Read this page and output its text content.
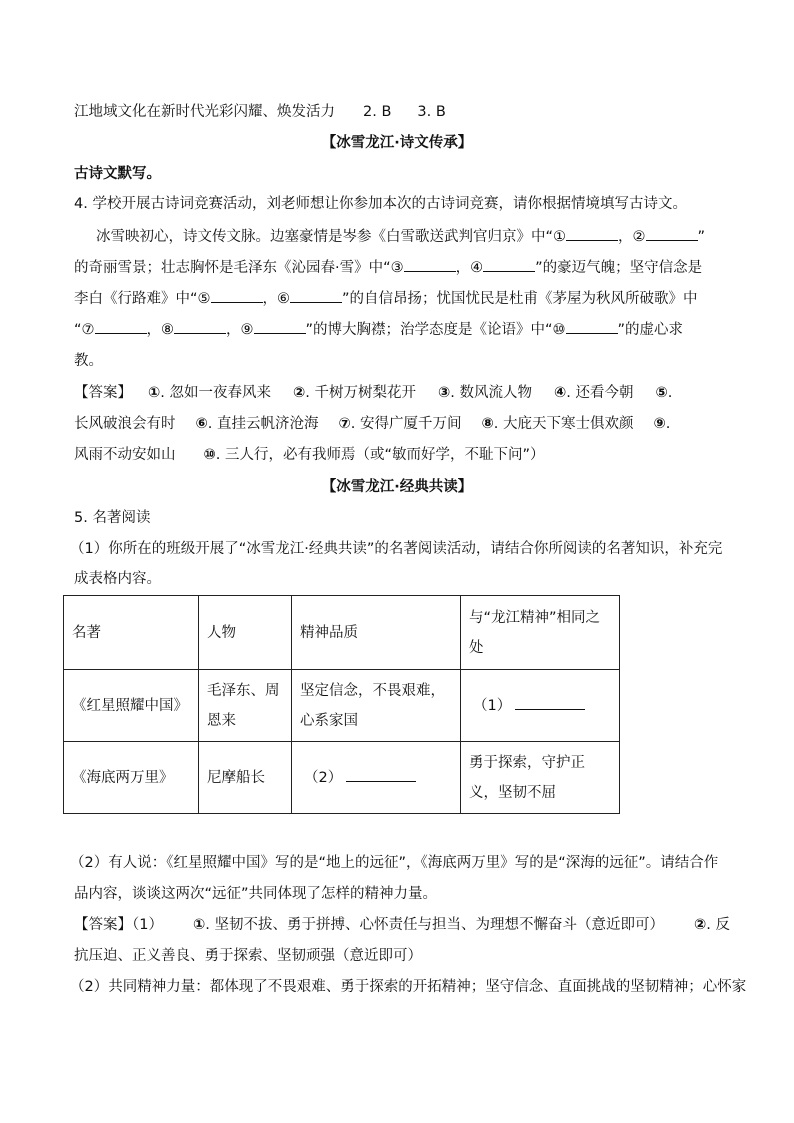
江地域文化在新时代光彩闪耀、焕发活力 2. B 3. B
【冰雪龙江·诗文传承】
古诗文默写。
4. 学校开展古诗词竞赛活动，刘老师想让你参加本次的古诗词竞赛，请你根据情境填写古诗文。
冰雪映初心，诗文传文脉。边塞豪情是岑参《白雪歌送武判官归京》中“①	，②	”
的奇丽雪景；壮志胸怀是毛泽东《沁园春·雪》中“③	，④	”的豪迈气魄；坚守信念是
李白《行路难》中“⑤	，⑥	”的自信昂扬；忧国忧民是杜甫《茅屋为秋风所破歌》中
“⑦	，⑧	，⑨	”的博大胸襟；治学态度是《论语》中“⑩	”的虚心求
教。
【答案】 ①. 忽如一夜春风来 ②. 千树万树梨花开 ③. 数风流人物 ④. 还看今朝 ⑤.
长风破浪会有时 ⑥. 直挂云帆济沧海 ⑦. 安得广厦千万间 ⑧. 大庇天下寒士俱欢颜 ⑨.
风雨不动安如山 ⑩. 三人行，必有我师焉（或“敏而好学，不耻下问”）
【冰雪龙江·经典共读】
5. 名著阅读
（1）你所在的班级开展了“冰雪龙江·经典共读”的名著阅读活动，请结合你所阅读的名著知识，补充完
成表格内容。
名著	人物	精神品质	与“龙江精神”相同之处
《红星照耀中国》	毛泽东、周恩来	坚定信念，不畏艰难，心系家国	（1）
《海底两万里》	尼摩船长	（2）	勇于探索，守护正义，坚韧不屈
（2）有人说：《红星照耀中国》写的是“地上的远征”，《海底两万里》写的是“深海的远征”。请结合作
品内容，谈谈这两次“远征”共同体现了怎样的精神力量。
【答案】（1） ①. 坚韧不拔、勇于拼搏、心怀责任与担当、为理想不懈奋斗（意近即可） ②. 反
抗压迫、正义善良、勇于探索、坚韧顽强（意近即可）
（2）共同精神力量：都体现了不畏艰难、勇于探索的开拓精神；坚守信念、直面挑战的坚韧精神；心怀家
